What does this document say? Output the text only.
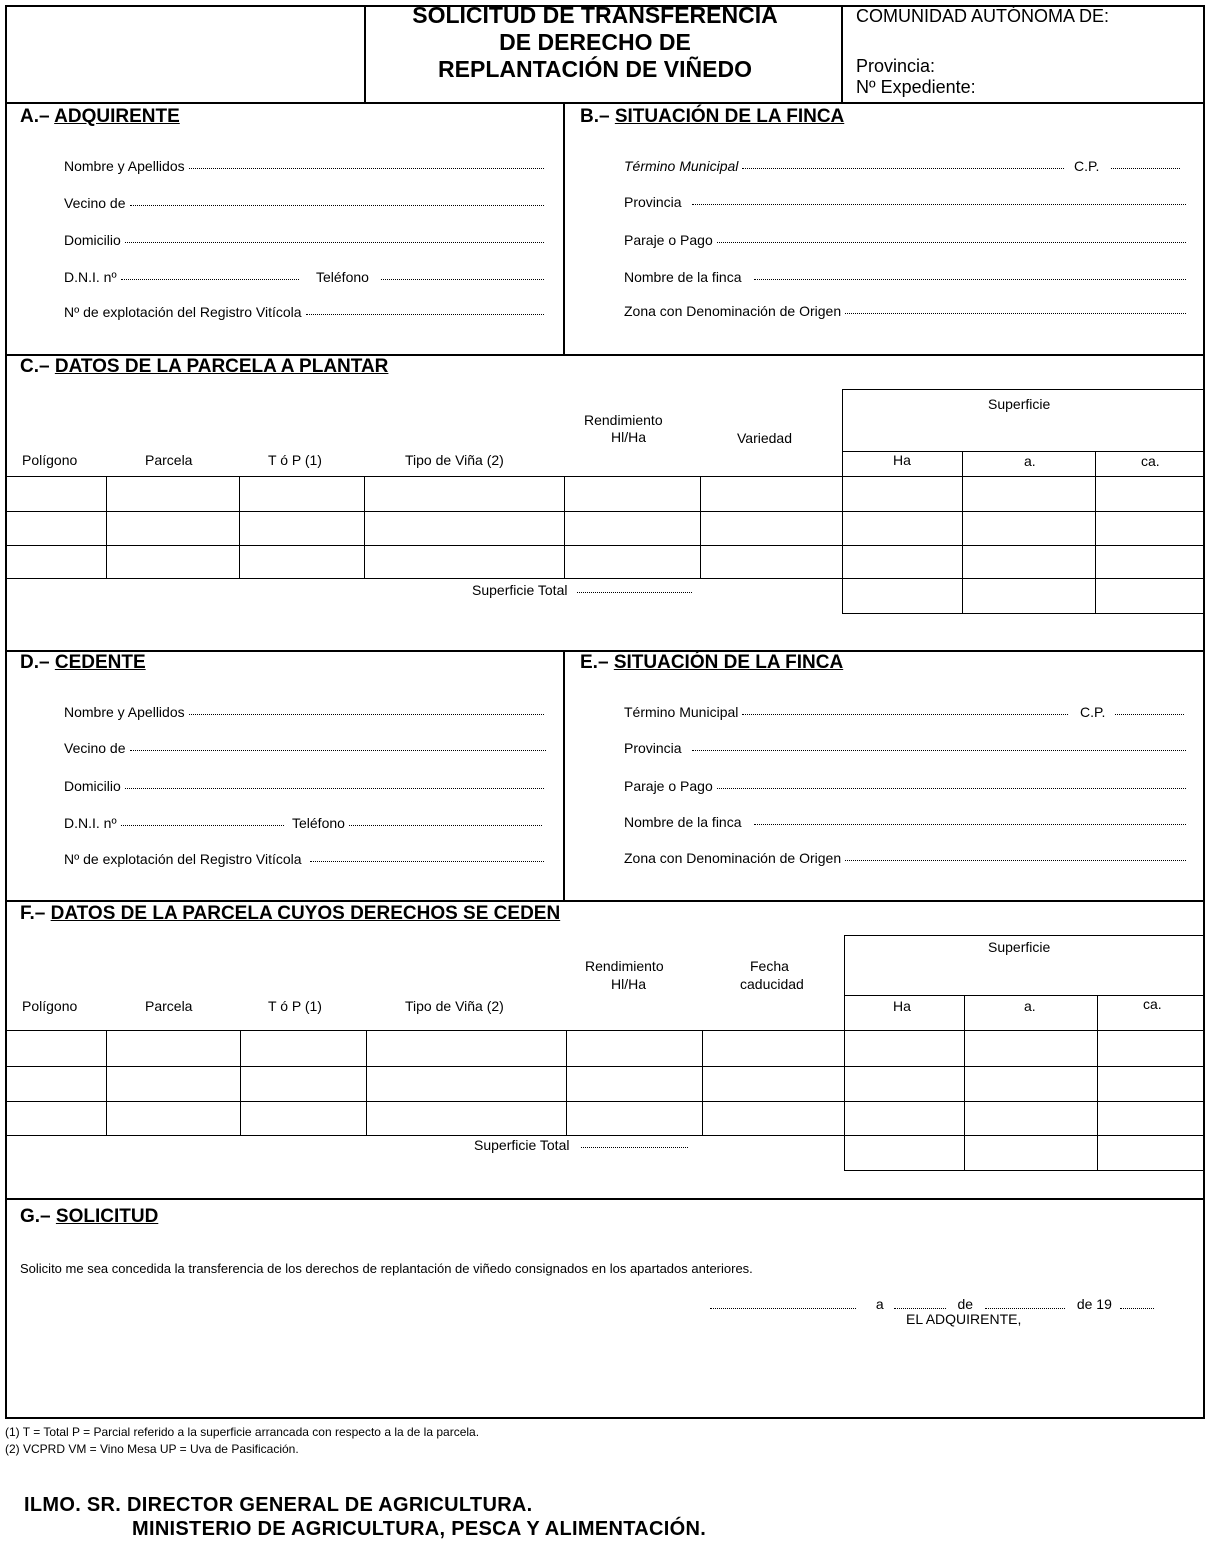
SOLICITUD DE TRANSFERENCIA
DE DERECHO DE
REPLANTACIÓN DE VIÑEDO
COMUNIDAD AUTÓNOMA DE:
Provincia:
Nº Expediente:
A.– ADQUIRENTE
Nombre y Apellidos
Vecino de
Domicilio
D.N.I. nº	Teléfono
Nº de explotación del Registro Vitícola
B.– SITUACIÓN DE LA FINCA
Término Municipal	C.P.
Provincia
Paraje o Pago
Nombre de la finca
Zona con Denominación de Origen
C.– DATOS DE LA PARCELA A PLANTAR
Polígono	Parcela	T ó P (1)	Tipo de Viña (2)
Rendimiento
Hl/Ha	Variedad
Superficie
Ha	a.	ca.
Superficie Total
D.– CEDENTE
Nombre y Apellidos
Vecino de
Domicilio
D.N.I. nº	Teléfono
Nº de explotación del Registro Vitícola
E.– SITUACIÓN DE LA FINCA
Término Municipal	C.P.
Provincia
Paraje o Pago
Nombre de la finca
Zona con Denominación de Origen
F.– DATOS DE LA PARCELA CUYOS DERECHOS SE CEDEN
Polígono	Parcela	T ó P (1)	Tipo de Viña (2)
Rendimiento
Hl/Ha
Fecha
caducidad
Superficie
Ha	a.	ca.
Superficie Total
G.– SOLICITUD
Solicito me sea concedida la transferencia de los derechos de replantación de viñedo consignados en los apartados anteriores.
a	de	de 19
EL ADQUIRENTE,
(1) T = Total P = Parcial referido a la superficie arrancada con respecto a la de la parcela.
(2) VCPRD VM = Vino Mesa UP = Uva de Pasificación.
ILMO. SR. DIRECTOR GENERAL DE AGRICULTURA.
MINISTERIO DE AGRICULTURA, PESCA Y ALIMENTACIÓN.
